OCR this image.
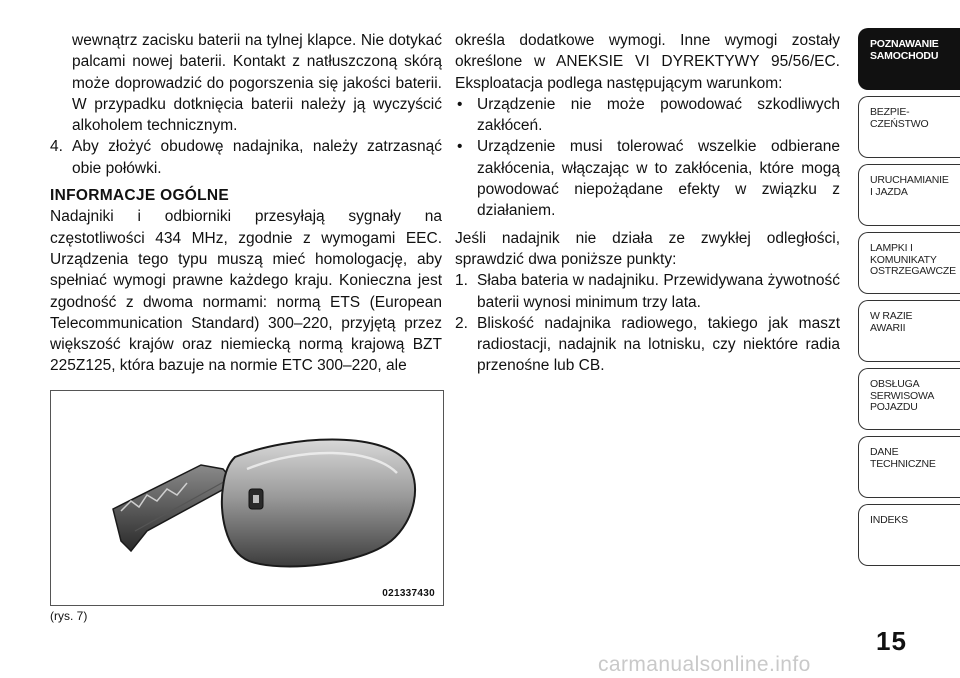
wewnątrz zacisku baterii na tylnej klapce. Nie dotykać palcami nowej baterii. Kontakt z natłuszczoną skórą może doprowadzić do pogorszenia się jakości baterii. W przypadku dotknięcia baterii należy ją wyczyścić alkoholem technicznym.

4. Aby złożyć obudowę nadajnika, należy zatrzasnąć obie połówki.

INFORMACJE OGÓLNE

Nadajniki i odbiorniki przesyłają sygnały na częstotliwości 434 MHz, zgodnie z wymogami EEC. Urządzenia tego typu muszą mieć homologację, aby spełniać wymogi prawne każdego kraju. Konieczna jest zgodność z dwoma normami: normą ETS (European Telecommunication Standard) 300–220, przyjętą przez większość krajów oraz niemiecką normą krajową BZT 225Z125, która bazuje na normie ETC 300–220, ale

określa dodatkowe wymogi. Inne wymogi zostały określone w ANEKSIE VI DYREKTYWY 95/56/EC. Eksploatacja podlega następującym warunkom:

• Urządzenie nie może powodować szkodliwych zakłóceń.

• Urządzenie musi tolerować wszelkie odbierane zakłócenia, włączając w to zakłócenia, które mogą powodować niepożądane efekty w związku z działaniem.

Jeśli nadajnik nie działa ze zwykłej odległości, sprawdzić dwa poniższe punkty:

1. Słaba bateria w nadajniku. Przewidywana żywotność baterii wynosi minimum trzy lata.

2. Bliskość nadajnika radiowego, takiego jak maszt radiostacji, nadajnik na lotnisku, czy niektóre radia przenośne lub CB.

021337430
(rys. 7)
POZNAWANIE
SAMOCHODU
BEZPIE-
CZEŃSTWO
URUCHAMIANIE
I JAZDA
LAMPKI I
KOMUNIKATY
OSTRZEGAWCZE
W RAZIE
AWARII
OBSŁUGA
SERWISOWA
POJAZDU
DANE
TECHNICZNE
INDEKS
15
carmanualsonline.info
